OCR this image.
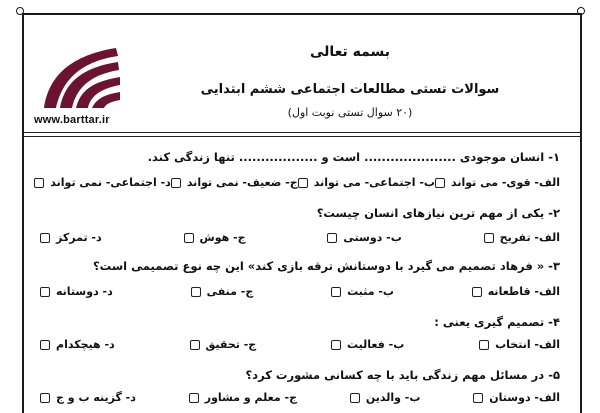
www.barttar.ir
بسمه تعالی
سوالات تستی مطالعات اجتماعی ششم ابتدایی
(۲۰ سوال تستی نوبت اول)
۱- انسان موجودی ..................... است و .................. تنها زندگی کند.
الف- قوی- می تواند
ب- اجتماعی- می تواند
ج- ضعیف- نمی تواند
د- اجتماعی- نمی تواند
۲- یکی از مهم ترین نیازهای انسان چیست؟
الف- تفریح
ب- دوستی
ج- هوش
د- تمرکز
۳- « فرهاد تصمیم می گیرد با دوستانش ترقه بازی کند» این چه نوع تصمیمی است؟
الف- قاطعانه
ب- مثبت
ج- منفی
د- دوستانه
۴- تصمیم گیری یعنی :
الف- انتخاب
ب- فعالیت
ج- تحقیق
د- هیچکدام
۵- در مسائل مهم زندگی باید با چه کسانی مشورت کرد؟
الف- دوستان
ب- والدین
ج- معلم و مشاور
د- گزینه ب و ج
